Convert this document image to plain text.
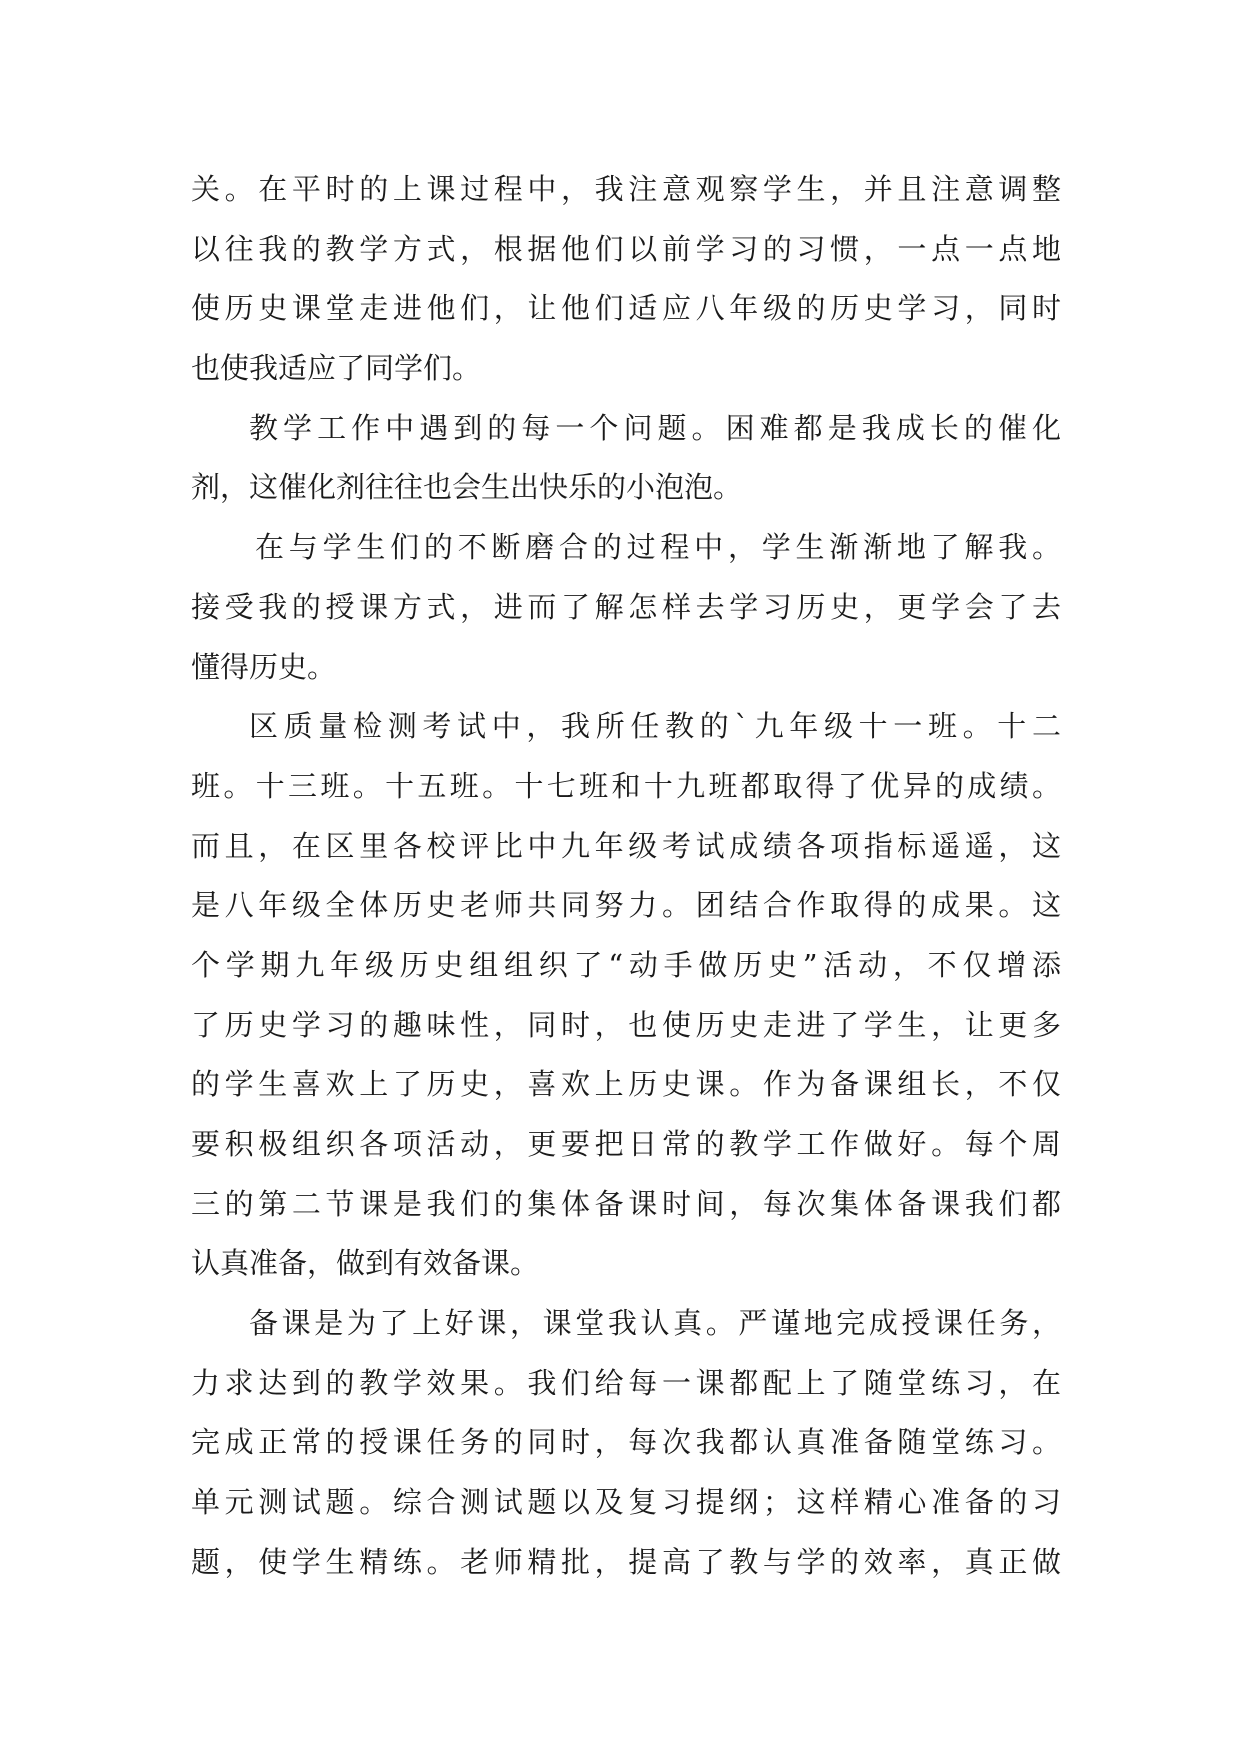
关。在平时的上课过程中，我注意观察学生，并且注意调整
以往我的教学方式，根据他们以前学习的习惯，一点一点地
使历史课堂走进他们，让他们适应八年级的历史学习，同时
也使我适应了同学们。
教学工作中遇到的每一个问题。困难都是我成长的催化
剂，这催化剂往往也会生出快乐的小泡泡。
在与学生们的不断磨合的过程中，学生渐渐地了解我。
接受我的授课方式，进而了解怎样去学习历史，更学会了去
懂得历史。
区质量检测考试中，我所任教的`九年级十一班。十二
班。十三班。十五班。十七班和十九班都取得了优异的成绩。
而且，在区里各校评比中九年级考试成绩各项指标遥遥，这
是八年级全体历史老师共同努力。团结合作取得的成果。这
个学期九年级历史组组织了“动手做历史”活动，不仅增添
了历史学习的趣味性，同时，也使历史走进了学生，让更多
的学生喜欢上了历史，喜欢上历史课。作为备课组长，不仅
要积极组织各项活动，更要把日常的教学工作做好。每个周
三的第二节课是我们的集体备课时间，每次集体备课我们都
认真准备，做到有效备课。
备课是为了上好课，课堂我认真。严谨地完成授课任务，
力求达到的教学效果。我们给每一课都配上了随堂练习，在
完成正常的授课任务的同时，每次我都认真准备随堂练习。
单元测试题。综合测试题以及复习提纲；这样精心准备的习
题，使学生精练。老师精批，提高了教与学的效率，真正做
